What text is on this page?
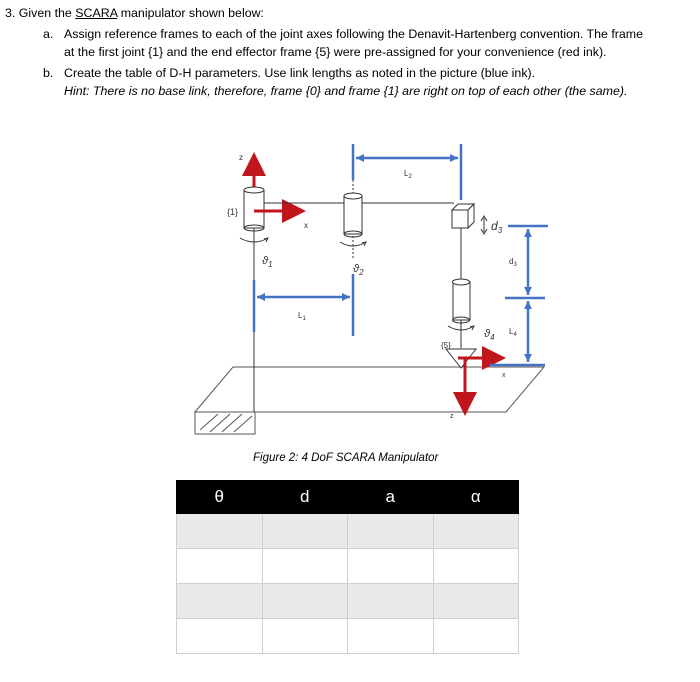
3. Given the SCARA manipulator shown below:
a. Assign reference frames to each of the joint axes following the Denavit-Hartenberg convention. The frame
at the first joint {1} and the end effector frame {5} were pre-assigned for your convenience (red ink).
b. Create the table of D-H parameters. Use link lengths as noted in the picture (blue ink).
Hint: There is no base link, therefore, frame {0} and frame {1} are right on top of each other (the same).
z
x
{1}
$ϑ_1$	$ϑ_2$
$L_1$
$L_2$
$d_3$
$d_3$
$L_4$
$ϑ_4$
{5}
x
z
Figure 2: 4 DoF SCARA Manipulator
θ	d	a	α
